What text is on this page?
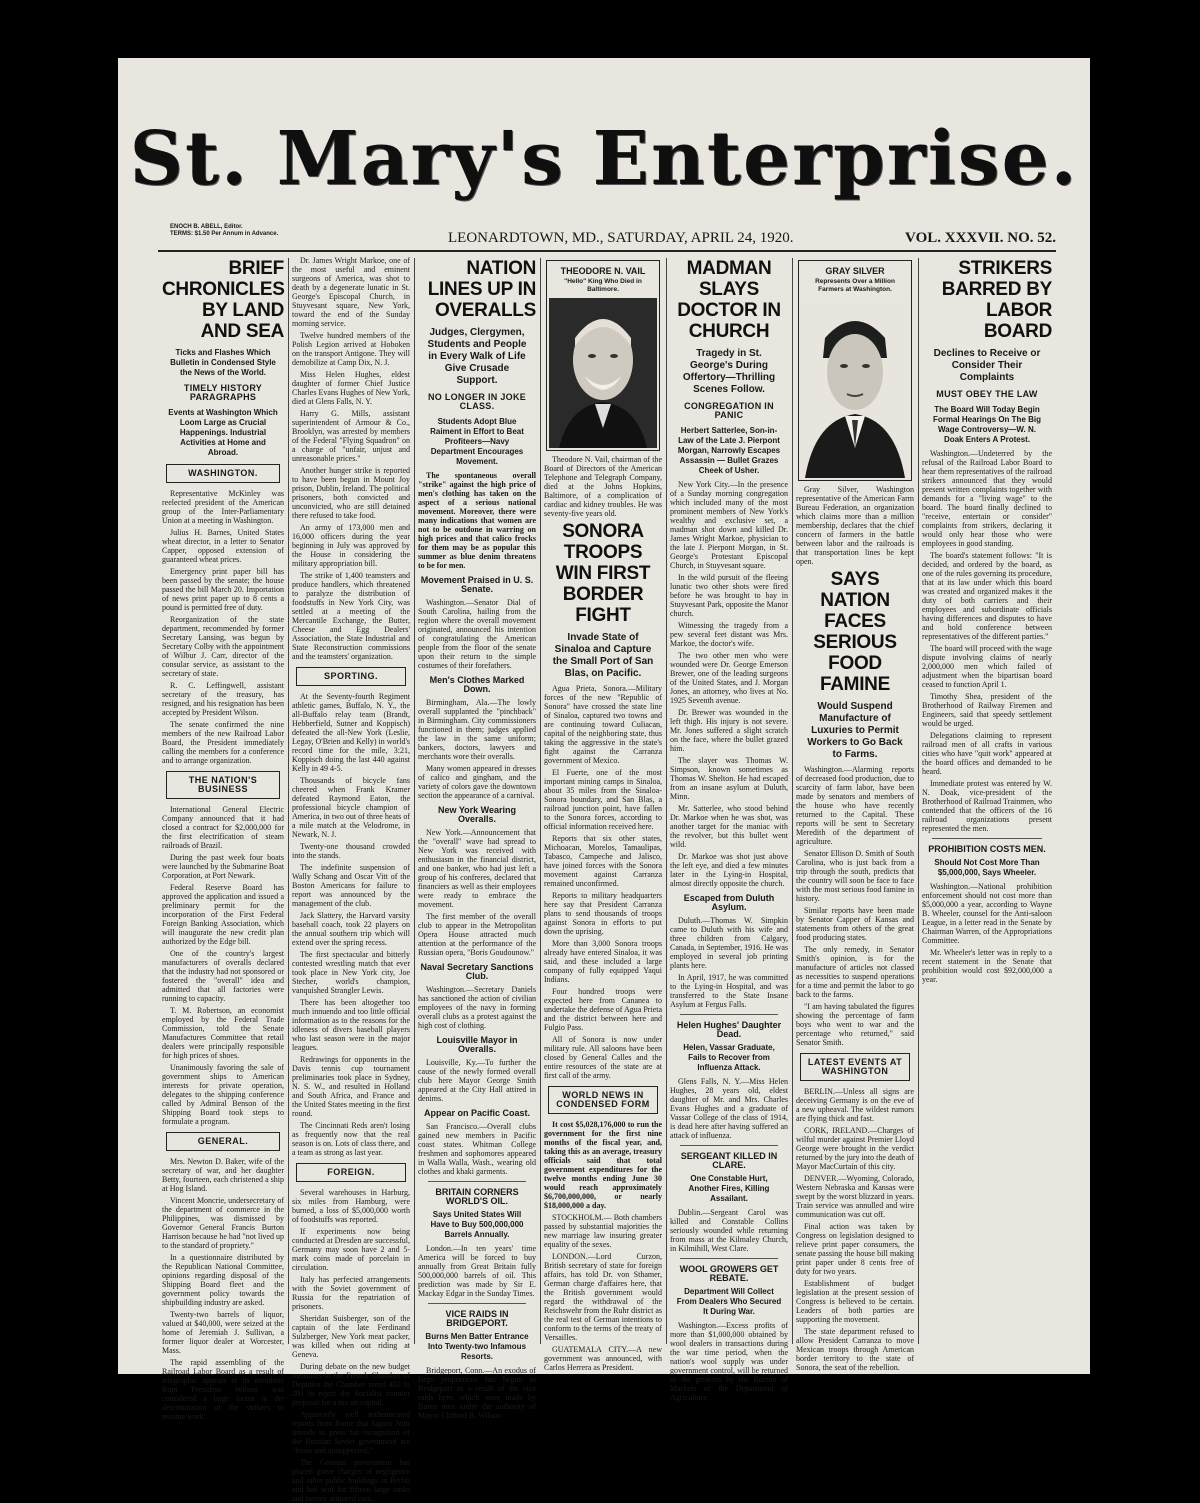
St. Mary's Enterprise.
ENOCH B. ABELL, Editor.
TERMS: $1.50 Per Annum in Advance.	LEONARDTOWN, MD., SATURDAY, APRIL 24, 1920.	VOL. XXXVII. NO. 52.
BRIEF CHRONICLES BY LAND AND SEA
Ticks and Flashes Which Bulletin in Condensed Style the News of the World.
TIMELY HISTORY PARAGRAPHS
Events at Washington Which Loom Large as Crucial Happenings. Industrial Activities at Home and Abroad.
WASHINGTON.

Representative McKinley was reelected president of the American group of the Inter-Parliamentary Union at a meeting in Washington.

Julius H. Barnes, United States wheat director, in a letter to Senator Capper, opposed extension of guaranteed wheat prices.

Emergency print paper bill has been passed by the senate; the house passed the bill March 20. Importation of news print paper up to 8 cents a pound is permitted free of duty.

Reorganization of the state department, recommended by former Secretary Lansing, was begun by Secretary Colby with the appointment of Wilbur J. Carr, director of the consular service, as assistant to the secretary of state.

R. C. Leffingwell, assistant secretary of the treasury, has resigned, and his resignation has been accepted by President Wilson.

The senate confirmed the nine members of the new Railroad Labor Board, the President immediately calling the members for a conference and to arrange organization.

THE NATION'S BUSINESS

International General Electric Company announced that it had closed a contract for $2,000,000 for the first electrification of steam railroads of Brazil.

During the past week four boats were launched by the Submarine Boat Corporation, at Port Newark.

Federal Reserve Board has approved the application and issued a preliminary permit for the incorporation of the First Federal Foreign Banking Association, which will inaugurate the new credit plan authorized by the Edge bill.

One of the country's largest manufacturers of overalls declared that the industry had not sponsored or fostered the "overall" idea and admitted that all factories were running to capacity.

T. M. Robertson, an economist employed by the Federal Trade Commission, told the Senate Manufactures Committee that retail dealers were principally responsible for high prices of shoes.

Unanimously favoring the sale of government ships to American interests for private operation, delegates to the shipping conference called by Admiral Benson of the Shipping Board took steps to formulate a program.

GENERAL.

Mrs. Newton D. Baker, wife of the secretary of war, and her daughter Betty, fourteen, each christened a ship at Hog Island.

Vincent Moncrie, undersecretary of the department of commerce in the Philippines, was dismissed by Governor General Francis Burton Harrison because he had "not lived up to the standard of propriety."

In a questionnaire distributed by the Republican National Committee, opinions regarding disposal of the Shipping Board fleet and the government policy towards the shipbuilding industry are asked.

Twenty-two barrels of liquor, valued at $40,000, were seized at the home of Jeremiah J. Sullivan, a former liquor dealer at Worcester, Mass.

The rapid assembling of the Railroad Labor Board as a result of telegraphic appeals to its members from President Wilson was considered a large factor in the determination of the strikers to resume work.

Dr. James Wright Markoe, one of the most useful and eminent surgeons of America, was shot to death by a degenerate lunatic in St. George's Episcopal Church, in Stuyvesant square, New York, toward the end of the Sunday morning service.

Twelve hundred members of the Polish Legion arrived at Hoboken on the transport Antigone. They will demobilize at Camp Dix, N. J.

Miss Helen Hughes, eldest daughter of former Chief Justice Charles Evans Hughes of New York, died at Glens Falls, N. Y.

Harry G. Mills, assistant superintendent of Armour & Co., Brooklyn, was arrested by members of the Federal "Flying Squadron" on a charge of "unfair, unjust and unreasonable prices."

Another hunger strike is reported to have been begun in Mount Joy prison, Dublin, Ireland. The political prisoners, both convicted and unconvicted, who are still detained there refused to take food.

An army of 173,000 men and 16,000 officers during the year beginning in July was approved by the House in considering the military appropriation bill.

The strike of 1,400 teamsters and produce handlers, which threatened to paralyze the distribution of foodstuffs in New York City, was settled at a meeting of the Mercantile Exchange, the Butter, Cheese and Egg Dealers' Association, the State Industrial and State Reconstruction commissions and the teamsters' organization.

SPORTING.

At the Seventy-fourth Regiment athletic games, Buffalo, N. Y., the all-Buffalo relay team (Brandt, Hebberfield, Sutner and Koppisch) defeated the all-New York (Leslie, Legay, O'Brien and Kelly) in world's record time for the mile, 3:21, Koppisch doing the last 440 against Kelly in 49 4-5.

Thousands of bicycle fans cheered when Frank Kramer defeated Raymond Eaton, the professional bicycle champion of America, in two out of three heats of a mile match at the Velodrome, in Newark, N. J.

Twenty-one thousand crowded into the stands.

The indefinite suspension of Wally Schang and Oscar Vitt of the Boston Americans for failure to report was announced by the management of the club.

Jack Slattery, the Harvard varsity baseball coach, took 22 players on the annual southern trip which will extend over the spring recess.

The first spectacular and bitterly contested wrestling match that ever took place in New York city, Joe Stecher, world's champion, vanquished Strangler Lewis.

There has been altogether too much innuendo and too little official information as to the reasons for the idleness of divers baseball players who last season were in the major leagues.

Redrawings for opponents in the Davis tennis cup tournament preliminaries took place in Sydney, N. S. W., and resulted in Holland and South Africa, and France and the United States meeting in the first round.

The Cincinnati Reds aren't losing as frequently now that the real season is on. Lots of class there, and a team as strong as last year.

FOREIGN.

Several warehouses in Harburg, six miles from Hamburg, were burned, a loss of $5,000,000 worth of foodstuffs was reported.

If experiments now being conducted at Dresden are successful, Germany may soon have 2 and 5-mark coins made of porcelain in circulation.

Italy has perfected arrangements with the Soviet government of Russia for the repatriation of prisoners.

Sheridan Suisberger, son of the captain of the late Ferdinand Sulzberger, New York meat packer, was killed when out riding at Geneva.

During debate on the new budget measures in the French Chamber of Deputies the Chamber voted 402 to 201 to reject the Socialist counter proposal for a tax on capital.

Apparently well authenticated reports from Rome that Signor Nitti intends to press for recognition of the Russian Soviet government are "loose and unsupported."

The German government has placed grave charges of negligence and other public buildings in Berlin and has sent for fifteen large tanks and twenty armored cars.

NATION LINES UP IN OVERALLS
Judges, Clergymen, Students and People in Every Walk of Life Give Crusade Support.
NO LONGER IN JOKE CLASS.
Students Adopt Blue Raiment in Effort to Beat Profiteers—Navy Department Encourages Movement.

The spontaneous overall "strike" against the high price of men's clothing has taken on the aspect of a serious national movement. Moreover, there were many indications that women are not to be outdone in warring on high prices and that calico frocks for them may be as popular this summer as blue denim threatens to be for men.

Movement Praised in U. S. Senate.

Washington.—Senator Dial of South Carolina, hailing from the region where the overall movement originated, announced his intention of congratulating the American people from the floor of the senate upon their return to the simple costumes of their forefathers.

Men's Clothes Marked Down.

Birmingham, Ala.—The lowly overall supplanted the "pinchback" in Birmingham. City commissioners functioned in them; judges applied the law in the same uniform; bankers, doctors, lawyers and merchants wore their overalls.

Many women appeared in dresses of calico and gingham, and the variety of colors gave the downtown section the appearance of a carnival.

New York Wearing Overalls.

New York.—Announcement that the "overall" wave had spread to New York was received with enthusiasm in the financial district, and one banker, who had just left a group of his confreres, declared that financiers as well as their employees were ready to embrace the movement.

The first member of the overall club to appear in the Metropolitan Opera House attracted much attention at the performance of the Russian opera, "Boris Goudounow."

Naval Secretary Sanctions Club.

Washington.—Secretary Daniels has sanctioned the action of civilian employees of the navy in forming overall clubs as a protest against the high cost of clothing.

Louisville Mayor in Overalls.

Louisville, Ky.—To further the cause of the newly formed overall club here Mayor George Smith appeared at the City Hall attired in denims.

Appear on Pacific Coast.

San Francisco.—Overall clubs gained new members in Pacific coast states. Whitman College freshmen and sophomores appeared in Walla Walla, Wash., wearing old clothes and khaki garments.

BRITAIN CORNERS WORLD'S OIL.
Says United States Will Have to Buy 500,000,000 Barrels Annually.

London.—In ten years' time America will be forced to buy annually from Great Britain fully 500,000,000 barrels of oil. This prediction was made by Sir E. Mackay Edgar in the Sunday Times.

VICE RAIDS IN BRIDGEPORT.
Burns Men Batter Entrance Into Twenty-two Infamous Resorts.

Bridgeport, Conn.—An exodus of large proportions has begun in Bridgeport as a result of the vice raids here, which were made by Burns men under the authority of Mayor Clifford B. Wilson.

THEODORE N. VAIL
"Hello" King Who Died in Baltimore.

Theodore N. Vail, chairman of the Board of Directors of the American Telephone and Telegraph Company, died at the Johns Hopkins, Baltimore, of a complication of cardiac and kidney troubles. He was seventy-five years old.

SONORA TROOPS WIN FIRST BORDER FIGHT
Invade State of Sinaloa and Capture the Small Port of San Blas, on Pacific.

Agua Prieta, Sonora.—Military forces of the new "Republic of Sonora" have crossed the state line of Sinaloa, captured two towns and are continuing toward Culiacan, capital of the neighboring state, thus taking the aggressive in the state's fight against the Carranza government of Mexico.

El Fuerte, one of the most important mining camps in Sinaloa, about 35 miles from the Sinaloa-Sonora boundary, and San Blas, a railroad junction point, have fallen to the Sonora forces, according to official information received here.

Reports that six other states, Michoacan, Morelos, Tamaulipas, Tabasco, Campeche and Jalisco, have joined forces with the Sonora movement against Carranza remained unconfirmed.

Reports to military headquarters here say that President Carranza plans to send thousands of troops against Sonora in efforts to put down the uprising.

More than 3,000 Sonora troops already have entered Sinaloa, it was said, and these included a large company of fully equipped Yaqui Indians.

Four hundred troops were expected here from Cananea to undertake the defense of Agua Prieta and the district between here and Fulgio Pass.

All of Sonora is now under military rule. All saloons have been closed by General Calles and the entire resources of the state are at first call of the army.

WORLD NEWS IN CONDENSED FORM

It cost $5,028,176,000 to run the government for the first nine months of the fiscal year, and, taking this as an average, treasury officials said that total government expenditures for the twelve months ending June 30 would reach approximately $6,700,000,000, or nearly $18,000,000 a day.

STOCKHOLM.— Both chambers passed by substantial majorities the new marriage law insuring greater equality of the sexes.

LONDON.—Lord Curzon, British secretary of state for foreign affairs, has told Dr. von Sthamer, German charge d'affaires here, that the British government would regard the withdrawal of the Reichswehr from the Ruhr district as the real test of German intentions to conform to the terms of the treaty of Versailles.

GUATEMALA CITY.—A new government was announced, with Carlos Herrera as President.

MADMAN SLAYS DOCTOR IN CHURCH
Tragedy in St. George's During Offertory—Thrilling Scenes Follow.
CONGREGATION IN PANIC
Herbert Satterlee, Son-in-Law of the Late J. Pierpont Morgan, Narrowly Escapes Assassin — Bullet Grazes Cheek of Usher.

New York City.—In the presence of a Sunday morning congregation which included many of the most prominent members of New York's wealthy and exclusive set, a madman shot down and killed Dr. James Wright Markoe, physician to the late J. Pierpont Morgan, in St. George's Protestant Episcopal Church, in Stuyvesant square.

In the wild pursuit of the fleeing lunatic two other shots were fired before he was brought to bay in Stuyvesant Park, opposite the Manor church.

Witnessing the tragedy from a pew several feet distant was Mrs. Markoe, the doctor's wife.

The two other men who were wounded were Dr. George Emerson Brewer, one of the leading surgeons of the United States, and J. Morgan Jones, an attorney, who lives at No. 1925 Seventh avenue.

Dr. Brewer was wounded in the left thigh. His injury is not severe. Mr. Jones suffered a slight scratch on the face, where the bullet grazed him.

The slayer was Thomas W. Simpson, known sometimes as Thomas W. Shelton. He had escaped from an insane asylum at Duluth, Minn.

Mr. Satterlee, who stood behind Dr. Markoe when he was shot, was another target for the maniac with the revolver, but this bullet went wild.

Dr. Markoe was shot just above the left eye, and died a few minutes later in the Lying-in Hospital, almost directly opposite the church.

Escaped from Duluth Asylum.

Duluth.—Thomas W. Simpkin came to Duluth with his wife and three children from Calgary, Canada, in September, 1916. He was employed in several job printing plants here.

In April, 1917, he was committed to the Lying-in Hospital, and was transferred to the State Insane Asylum at Fergus Falls.

Helen Hughes' Daughter Dead.
Helen, Vassar Graduate, Fails to Recover from Influenza Attack.

Glens Falls, N. Y.—Miss Helen Hughes, 28 years old, eldest daughter of Mr. and Mrs. Charles Evans Hughes and a graduate of Vassar College of the class of 1914, is dead here after having suffered an attack of influenza.

SERGEANT KILLED IN CLARE.
One Constable Hurt, Another Fires, Killing Assailant.

Dublin.—Sergeant Carol was killed and Constable Collins seriously wounded while returning from mass at the Kilmaley Church, in Kilmihill, West Clare.

WOOL GROWERS GET REBATE.
Department Will Collect From Dealers Who Secured It During War.

Washington.—Excess profits of more than $1,000,000 obtained by wool dealers in transactions during the war time period, when the nation's wool supply was under government control, will be returned to the growers by the Bureau of Markets of the Department of Agriculture.

GRAY SILVER
Represents Over a Million Farmers at Washington.

Gray Silver, Washington representative of the American Farm Bureau Federation, an organization which claims more than a million membership, declares that the chief concern of farmers in the battle between labor and the railroads is that transportation lines be kept open.

SAYS NATION FACES SERIOUS FOOD FAMINE
Would Suspend Manufacture of Luxuries to Permit Workers to Go Back to Farms.

Washington.—Alarming reports of decreased food production, due to scarcity of farm labor, have been made by senators and members of the house who have recently returned to the Capital. These reports will be sent to Secretary Meredith of the department of agriculture.

Senator Ellison D. Smith of South Carolina, who is just back from a trip through the south, predicts that the country will soon be face to face with the most serious food famine in history.

Similar reports have been made by Senator Capper of Kansas and statements from others of the great food producing states.

The only remedy, in Senator Smith's opinion, is for the manufacture of articles not classed as necessities to suspend operations for a time and permit the labor to go back to the farms.

"I am having tabulated the figures showing the percentage of farm boys who went to war and the percentage who returned," said Senator Smith.

LATEST EVENTS AT WASHINGTON

BERLIN.—Unless all signs are deceiving Germany is on the eve of a new upheaval. The wildest rumors are flying thick and fast.

CORK, IRELAND.—Charges of wilful murder against Premier Lloyd George were brought in the verdict returned by the jury into the death of Mayor MacCurtain of this city.

DENVER.—Wyoming, Colorado, Western Nebraska and Kansas were swept by the worst blizzard in years. Train service was annulled and wire communication was cut off.

Final action was taken by Congress on legislation designed to relieve print paper consumers, the senate passing the house bill making print paper under 8 cents free of duty for two years.

Establishment of budget legislation at the present session of Congress is believed to be certain. Leaders of both parties are supporting the movement.

The state department refused to allow President Carranza to move Mexican troops through American border territory to the state of Sonora, the seat of the rebellion.

STRIKERS BARRED BY LABOR BOARD
Declines to Receive or Consider Their Complaints
MUST OBEY THE LAW
The Board Will Today Begin Formal Hearings On The Big Wage Controversy—W. N. Doak Enters A Protest.

Washington.—Undeterred by the refusal of the Railroad Labor Board to hear them representatives of the railroad strikers announced that they would present written complaints together with demands for a "living wage" to the board. The board finally declined to "receive, entertain or consider" complaints from strikers, declaring it would only hear those who were employees in good standing.

The board's statement follows: "It is decided, and ordered by the board, as one of the rules governing its procedure, that at its law under which this board was created and organized makes it the duty of both carriers and their employees and subordinate officials having differences and disputes to have and hold conference between representatives of the different parties."

The board will proceed with the wage dispute involving claims of nearly 2,000,000 men which failed of adjustment when the bipartisan board ceased to function April 1.

Timothy Shea, president of the Brotherhood of Railway Firemen and Engineers, said that speedy settlement would be urged.

Delegations claiming to represent railroad men of all crafts in various cities who have "quit work" appeared at the board offices and demanded to be heard.

Immediate protest was entered by W. N. Doak, vice-president of the Brotherhood of Railroad Trainmen, who contended that the officers of the 16 railroad organizations present represented the men.

PROHIBITION COSTS MEN.
Should Not Cost More Than $5,000,000, Says Wheeler.

Washington.—National prohibition enforcement should not cost more than $5,000,000 a year, according to Wayne B. Wheeler, counsel for the Anti-saloon League, in a letter read in the Senate by Chairman Warren, of the Appropriations Committee.

Mr. Wheeler's letter was in reply to a recent statement in the Senate that prohibition would cost $92,000,000 a year.
